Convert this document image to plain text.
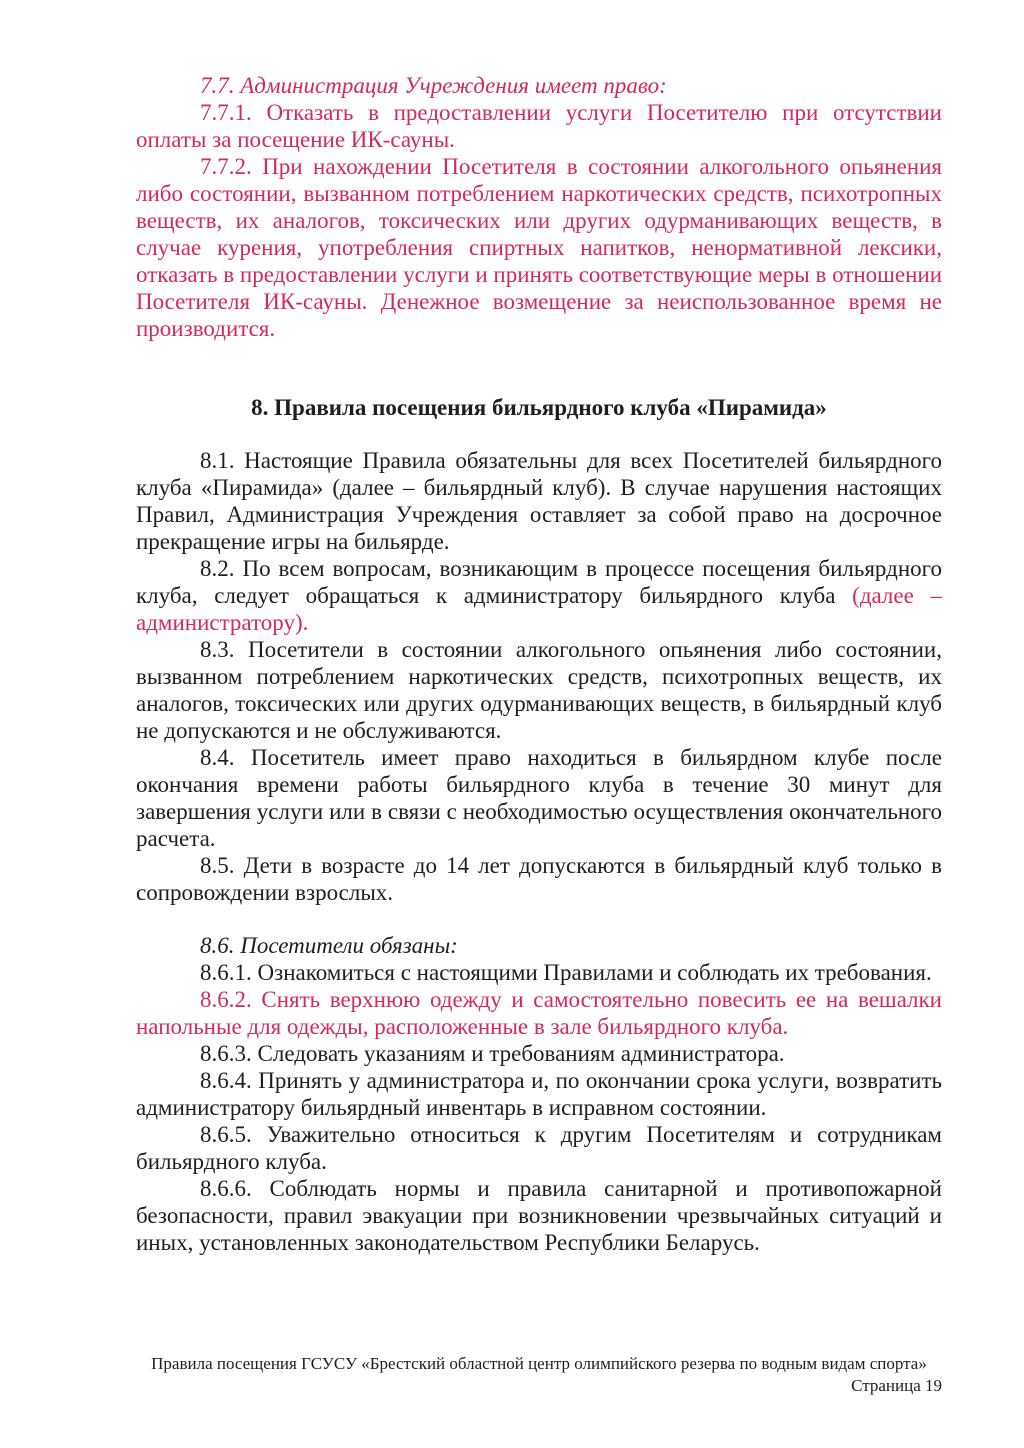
7.7. Администрация Учреждения имеет право:

7.7.1. Отказать в предоставлении услуги Посетителю при отсутствии оплаты за посещение ИК-сауны.

7.7.2. При нахождении Посетителя в состоянии алкогольного опьянения либо состоянии, вызванном потреблением наркотических средств, психотропных веществ, их аналогов, токсических или других одурманивающих веществ, в случае курения, употребления спиртных напитков, ненормативной лексики, отказать в предоставлении услуги и принять соответствующие меры в отношении Посетителя ИК-сауны. Денежное возмещение за неиспользованное время не производится.

8. Правила посещения бильярдного клуба «Пирамида»

8.1. Настоящие Правила обязательны для всех Посетителей бильярдного клуба «Пирамида» (далее – бильярдный клуб). В случае нарушения настоящих Правил, Администрация Учреждения оставляет за собой право на досрочное прекращение игры на бильярде.

8.2. По всем вопросам, возникающим в процессе посещения бильярдного клуба, следует обращаться к администратору бильярдного клуба (далее – администратору).

8.3. Посетители в состоянии алкогольного опьянения либо состоянии, вызванном потреблением наркотических средств, психотропных веществ, их аналогов, токсических или других одурманивающих веществ, в бильярдный клуб не допускаются и не обслуживаются.

8.4. Посетитель имеет право находиться в бильярдном клубе после окончания времени работы бильярдного клуба в течение 30 минут для завершения услуги или в связи с необходимостью осуществления окончательного расчета.

8.5. Дети в возрасте до 14 лет допускаются в бильярдный клуб только в сопровождении взрослых.

8.6. Посетители обязаны:

8.6.1. Ознакомиться с настоящими Правилами и соблюдать их требования.

8.6.2. Снять верхнюю одежду и самостоятельно повесить ее на вешалки напольные для одежды, расположенные в зале бильярдного клуба.

8.6.3. Следовать указаниям и требованиям администратора.

8.6.4. Принять у администратора и, по окончании срока услуги, возвратить администратору бильярдный инвентарь в исправном состоянии.

8.6.5. Уважительно относиться к другим Посетителям и сотрудникам бильярдного клуба.

8.6.6. Соблюдать нормы и правила санитарной и противопожарной безопасности, правил эвакуации при возникновении чрезвычайных ситуаций и иных, установленных законодательством Республики Беларусь.

Правила посещения ГСУСУ «Брестский областной центр олимпийского резерва по водным видам спорта»
Страница 19
